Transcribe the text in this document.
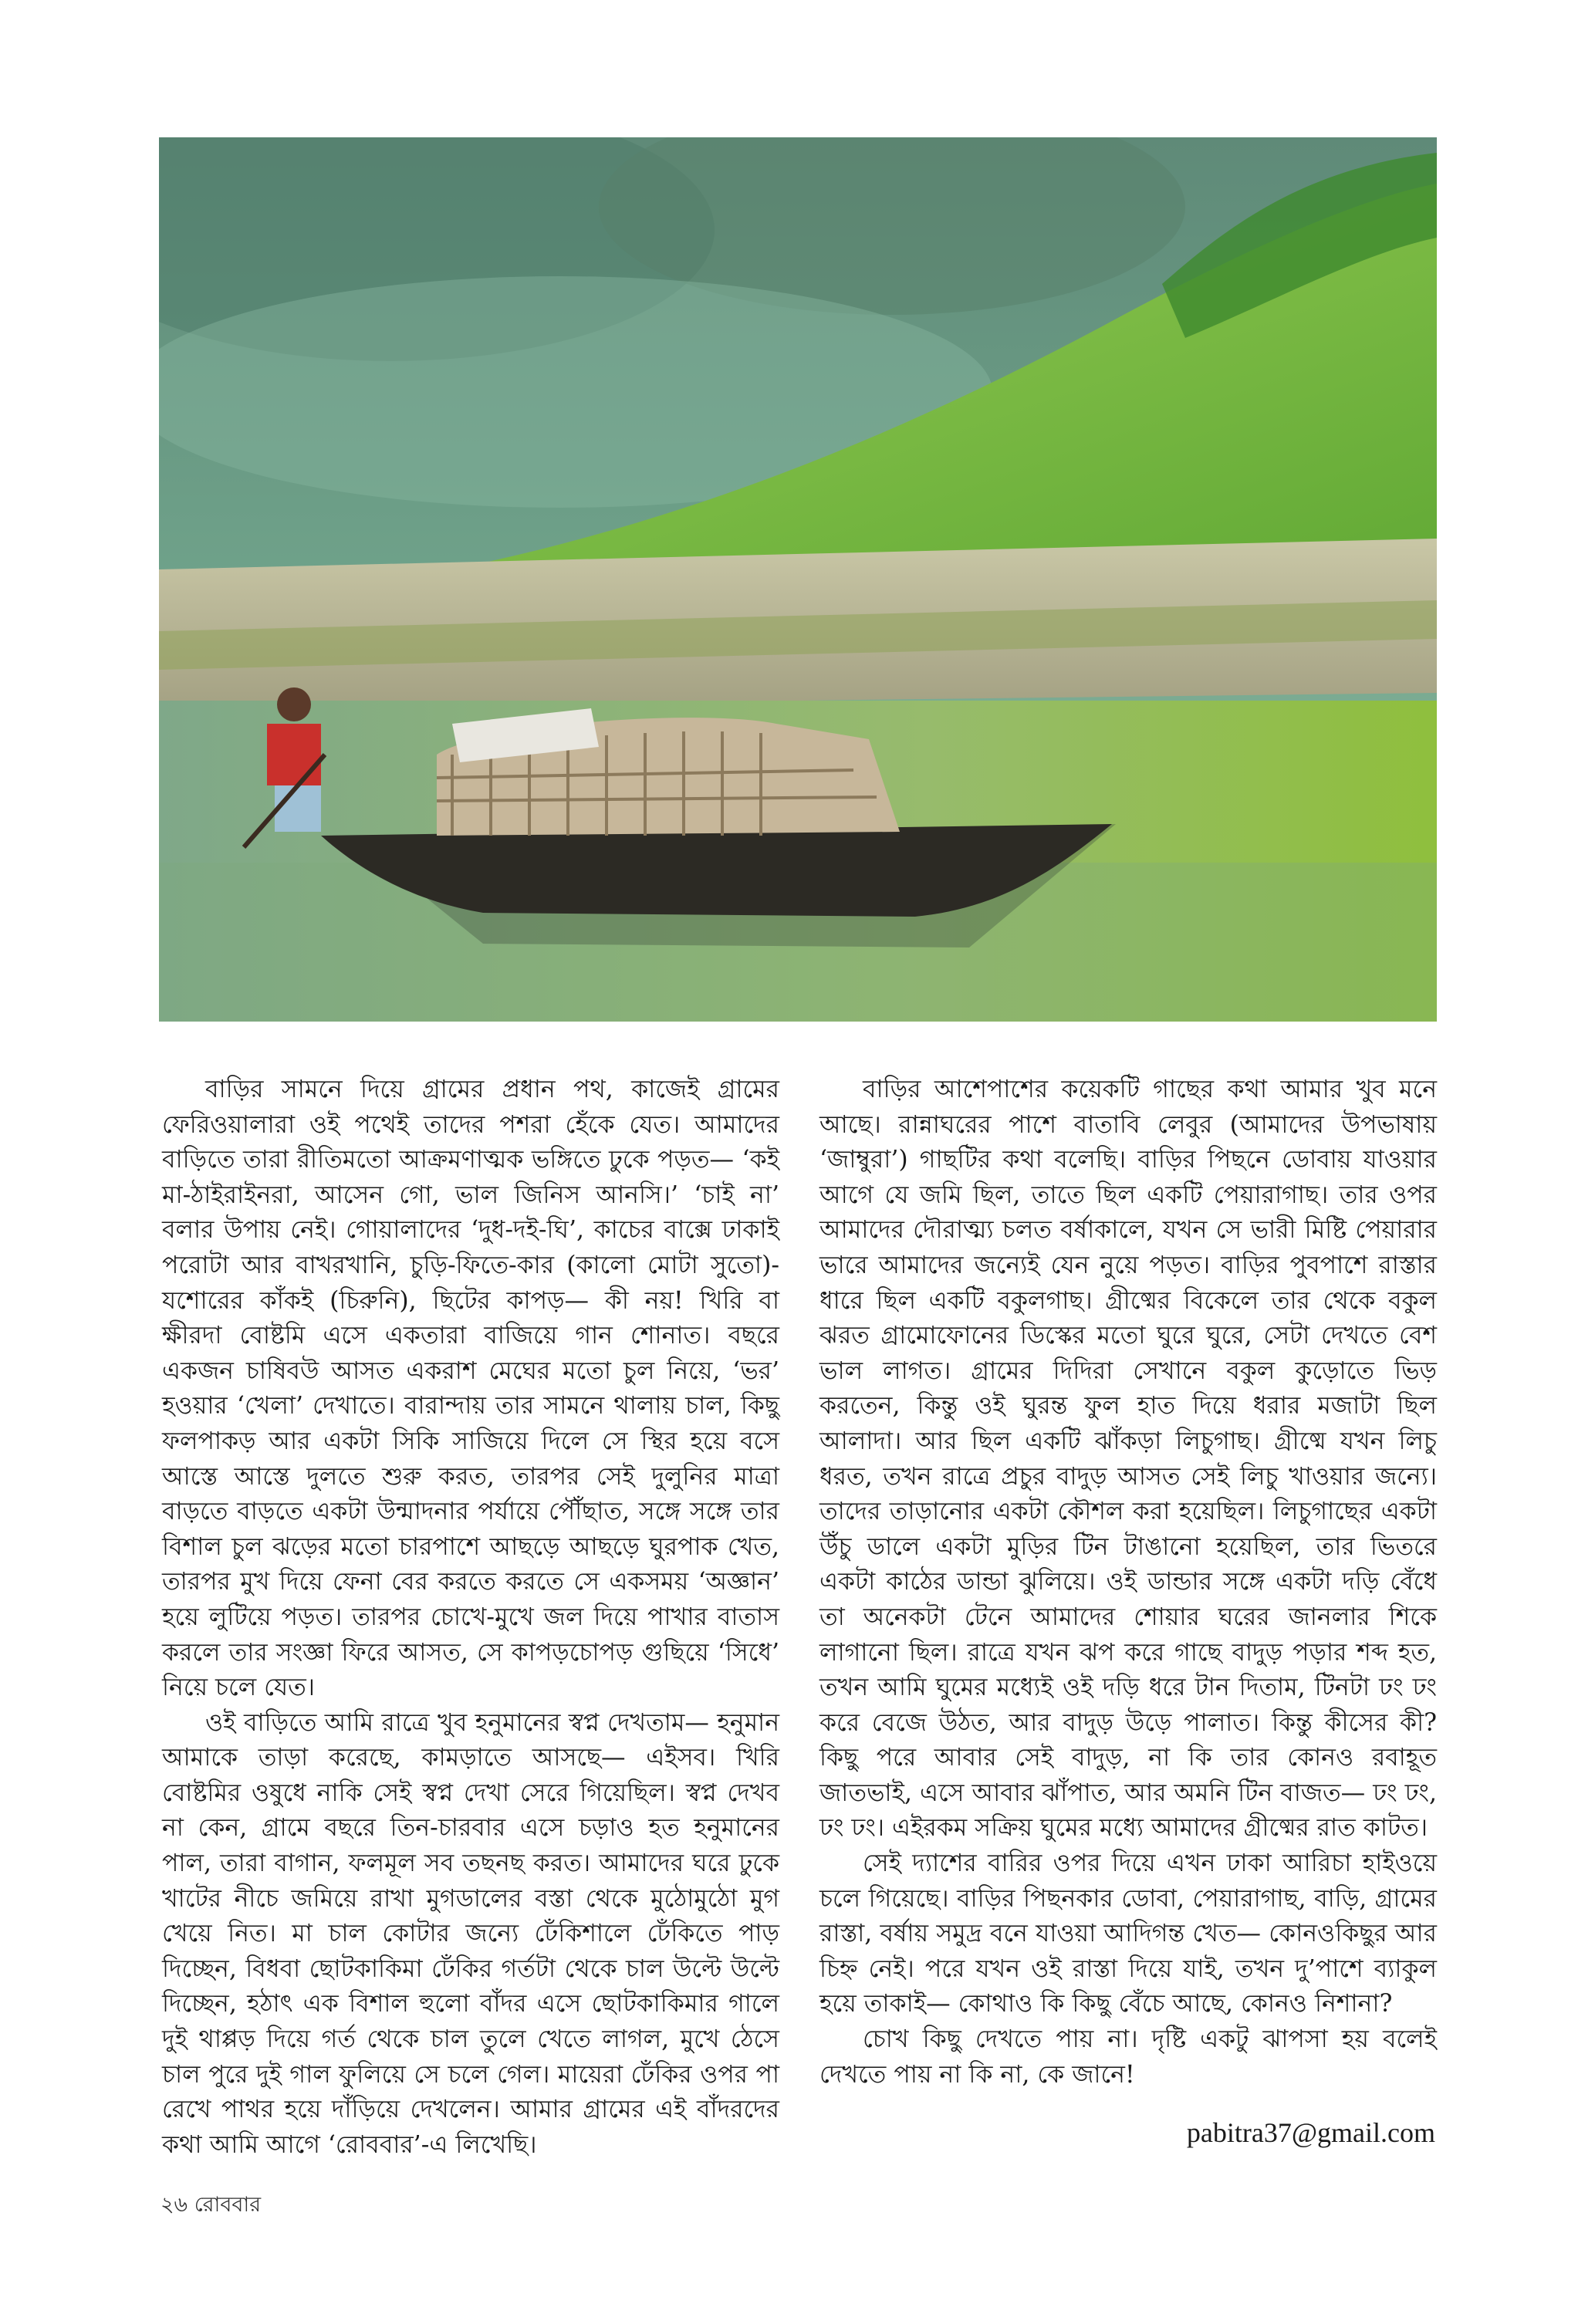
বাড়ির সামনে দিয়ে গ্রামের প্রধান পথ, কাজেই গ্রামের ফেরিওয়ালারা ওই পথেই তাদের পশরা হেঁকে যেত। আমাদের বাড়িতে তারা রীতিমতো আক্রমণাত্মক ভঙ্গিতে ঢুকে পড়ত— ‘কই মা-ঠাইরাইনরা, আসেন গো, ভাল জিনিস আনসি।’ ‘চাই না’ বলার উপায় নেই। গোয়ালাদের ‘দুধ-দই-ঘি’, কাচের বাক্সে ঢাকাই পরোটা আর বাখরখানি, চুড়ি-ফিতে-কার (কালো মোটা সুতো)-যশোরের কাঁকই (চিরুনি), ছিটের কাপড়— কী নয়! খিরি বা ক্ষীরদা বোষ্টমি এসে একতারা বাজিয়ে গান শোনাত। বছরে একজন চাষিবউ আসত একরাশ মেঘের মতো চুল নিয়ে, ‘ভর’ হওয়ার ‘খেলা’ দেখাতে। বারান্দায় তার সামনে থালায় চাল, কিছু ফলপাকড় আর একটা সিকি সাজিয়ে দিলে সে স্থির হয়ে বসে আস্তে আস্তে দুলতে শুরু করত, তারপর সেই দুলুনির মাত্রা বাড়তে বাড়তে একটা উন্মাদনার পর্যায়ে পৌঁছাত, সঙ্গে সঙ্গে তার বিশাল চুল ঝড়ের মতো চারপাশে আছড়ে আছড়ে ঘুরপাক খেত, তারপর মুখ দিয়ে ফেনা বের করতে করতে সে একসময় ‘অজ্ঞান’ হয়ে লুটিয়ে পড়ত। তারপর চোখে-মুখে জল দিয়ে পাখার বাতাস করলে তার সংজ্ঞা ফিরে আসত, সে কাপড়চোপড় গুছিয়ে ‘সিধে’ নিয়ে চলে যেত।

ওই বাড়িতে আমি রাত্রে খুব হনুমানের স্বপ্ন দেখতাম— হনুমান আমাকে তাড়া করেছে, কামড়াতে আসছে— এইসব। খিরি বোষ্টমির ওষুধে নাকি সেই স্বপ্ন দেখা সেরে গিয়েছিল। স্বপ্ন দেখব না কেন, গ্রামে বছরে তিন-চারবার এসে চড়াও হত হনুমানের পাল, তারা বাগান, ফলমূল সব তছনছ করত। আমাদের ঘরে ঢুকে খাটের নীচে জমিয়ে রাখা মুগডালের বস্তা থেকে মুঠোমুঠো মুগ খেয়ে নিত। মা চাল কোটার জন্যে ঢেঁকিশালে ঢেঁকিতে পাড় দিচ্ছেন, বিধবা ছোটকাকিমা ঢেঁকির গর্তটা থেকে চাল উল্টে উল্টে দিচ্ছেন, হঠাৎ এক বিশাল হুলো বাঁদর এসে ছোটকাকিমার গালে দুই থাপ্পড় দিয়ে গর্ত থেকে চাল তুলে খেতে লাগল, মুখে ঠেসে চাল পুরে দুই গাল ফুলিয়ে সে চলে গেল। মায়েরা ঢেঁকির ওপর পা রেখে পাথর হয়ে দাঁড়িয়ে দেখলেন। আমার গ্রামের এই বাঁদরদের কথা আমি আগে ‘রোববার’-এ লিখেছি।

বাড়ির আশেপাশের কয়েকটি গাছের কথা আমার খুব মনে আছে। রান্নাঘরের পাশে বাতাবি লেবুর (আমাদের উপভাষায় ‘জাম্বুরা’) গাছটির কথা বলেছি। বাড়ির পিছনে ডোবায় যাওয়ার আগে যে জমি ছিল, তাতে ছিল একটি পেয়ারাগাছ। তার ওপর আমাদের দৌরাত্ম্য চলত বর্ষাকালে, যখন সে ভারী মিষ্টি পেয়ারার ভারে আমাদের জন্যেই যেন নুয়ে পড়ত। বাড়ির পুবপাশে রাস্তার ধারে ছিল একটি বকুলগাছ। গ্রীষ্মের বিকেলে তার থেকে বকুল ঝরত গ্রামোফোনের ডিস্কের মতো ঘুরে ঘুরে, সেটা দেখতে বেশ ভাল লাগত। গ্রামের দিদিরা সেখানে বকুল কুড়োতে ভিড় করতেন, কিন্তু ওই ঘুরন্ত ফুল হাত দিয়ে ধরার মজাটা ছিল আলাদা। আর ছিল একটি ঝাঁকড়া লিচুগাছ। গ্রীষ্মে যখন লিচু ধরত, তখন রাত্রে প্রচুর বাদুড় আসত সেই লিচু খাওয়ার জন্যে। তাদের তাড়ানোর একটা কৌশল করা হয়েছিল। লিচুগাছের একটা উঁচু ডালে একটা মুড়ির টিন টাঙানো হয়েছিল, তার ভিতরে একটা কাঠের ডান্ডা ঝুলিয়ে। ওই ডান্ডার সঙ্গে একটা দড়ি বেঁধে তা অনেকটা টেনে আমাদের শোয়ার ঘরের জানলার শিকে লাগানো ছিল। রাত্রে যখন ঝপ করে গাছে বাদুড় পড়ার শব্দ হত, তখন আমি ঘুমের মধ্যেই ওই দড়ি ধরে টান দিতাম, টিনটা ঢং ঢং করে বেজে উঠত, আর বাদুড় উড়ে পালাত। কিন্তু কীসের কী? কিছু পরে আবার সেই বাদুড়, না কি তার কোনও রবাহূত জাতভাই, এসে আবার ঝাঁপাত, আর অমনি টিন বাজত— ঢং ঢং, ঢং ঢং। এইরকম সক্রিয় ঘুমের মধ্যে আমাদের গ্রীষ্মের রাত কাটত।

সেই দ্যাশের বারির ওপর দিয়ে এখন ঢাকা আরিচা হাইওয়ে চলে গিয়েছে। বাড়ির পিছনকার ডোবা, পেয়ারাগাছ, বাড়ি, গ্রামের রাস্তা, বর্ষায় সমুদ্র বনে যাওয়া আদিগন্ত খেত— কোনওকিছুর আর চিহ্ন নেই। পরে যখন ওই রাস্তা দিয়ে যাই, তখন দু’পাশে ব্যাকুল হয়ে তাকাই— কোথাও কি কিছু বেঁচে আছে, কোনও নিশানা?

চোখ কিছু দেখতে পায় না। দৃষ্টি একটু ঝাপসা হয় বলেই দেখতে পায় না কি না, কে জানে!

pabitra37@gmail.com
২৬ রোববার
